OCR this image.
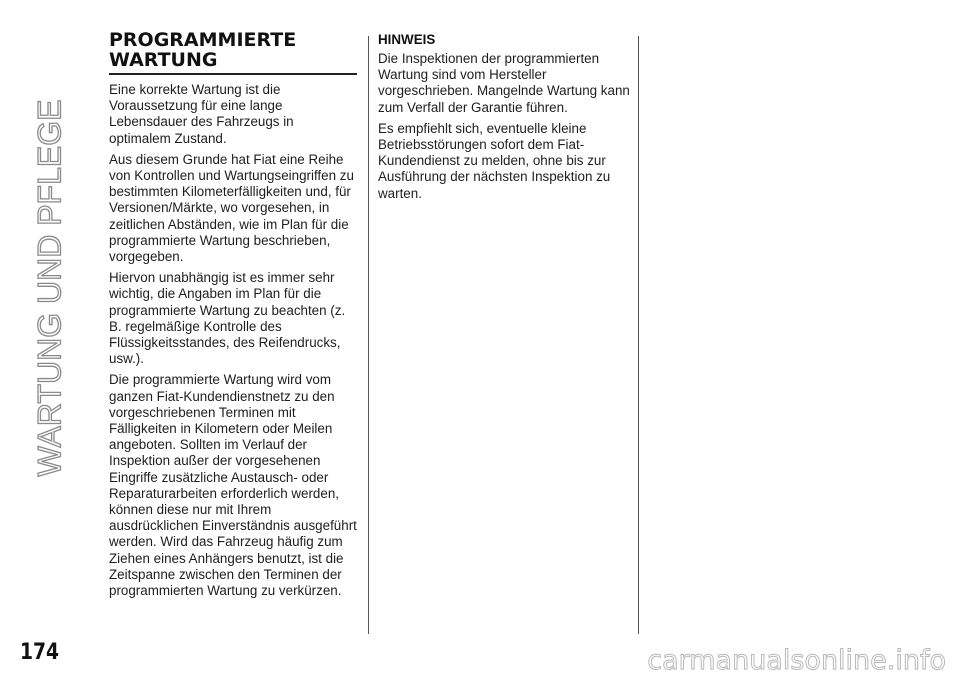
WARTUNG UND PFLEGE
PROGRAMMIERTE
WARTUNG

Eine korrekte Wartung ist die Voraussetzung für eine lange Lebensdauer des Fahrzeugs in optimalem Zustand.

Aus diesem Grunde hat Fiat eine Reihe von Kontrollen und Wartungseingriffen zu bestimmten Kilometerfälligkeiten und, für Versionen/Märkte, wo vorgesehen, in zeitlichen Abständen, wie im Plan für die programmierte Wartung beschrieben, vorgegeben.

Hiervon unabhängig ist es immer sehr wichtig, die Angaben im Plan für die programmierte Wartung zu beachten (z. B. regelmäßige Kontrolle des Flüssigkeitsstandes, des Reifendrucks, usw.).

Die programmierte Wartung wird vom ganzen Fiat-Kundendienstnetz zu den vorgeschriebenen Terminen mit Fälligkeiten in Kilometern oder Meilen angeboten. Sollten im Verlauf der Inspektion außer der vorgesehenen Eingriffe zusätzliche Austausch- oder Reparaturarbeiten erforderlich werden, können diese nur mit Ihrem ausdrücklichen Einverständnis ausgeführt werden. Wird das Fahrzeug häufig zum Ziehen eines Anhängers benutzt, ist die Zeitspanne zwischen den Terminen der programmierten Wartung zu verkürzen.

HINWEIS

Die Inspektionen der programmierten Wartung sind vom Hersteller vorgeschrieben. Mangelnde Wartung kann zum Verfall der Garantie führen.

Es empfiehlt sich, eventuelle kleine Betriebsstörungen sofort dem Fiat-Kundendienst zu melden, ohne bis zur Ausführung der nächsten Inspektion zu warten.

174	carmanualsonline.info
